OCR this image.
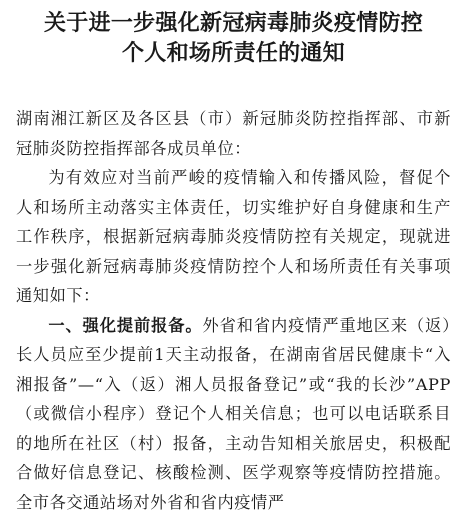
关于进一步强化新冠病毒肺炎疫情防控
个人和场所责任的通知

湖南湘江新区及各区县（市）新冠肺炎防控指挥部、市新冠肺炎防控指挥部各成员单位：

为有效应对当前严峻的疫情输入和传播风险，督促个人和场所主动落实主体责任，切实维护好自身健康和生产工作秩序，根据新冠病毒肺炎疫情防控有关规定，现就进一步强化新冠病毒肺炎疫情防控个人和场所责任有关事项通知如下：

一、强化提前报备。外省和省内疫情严重地区来（返）长人员应至少提前1天主动报备，在湖南省居民健康卡“入湘报备”—“入（返）湘人员报备登记”或“我的长沙”APP（或微信小程序）登记个人相关信息；也可以电话联系目的地所在社区（村）报备，主动告知相关旅居史，积极配合做好信息登记、核酸检测、医学观察等疫情防控措施。全市各交通站场对外省和省内疫情严
